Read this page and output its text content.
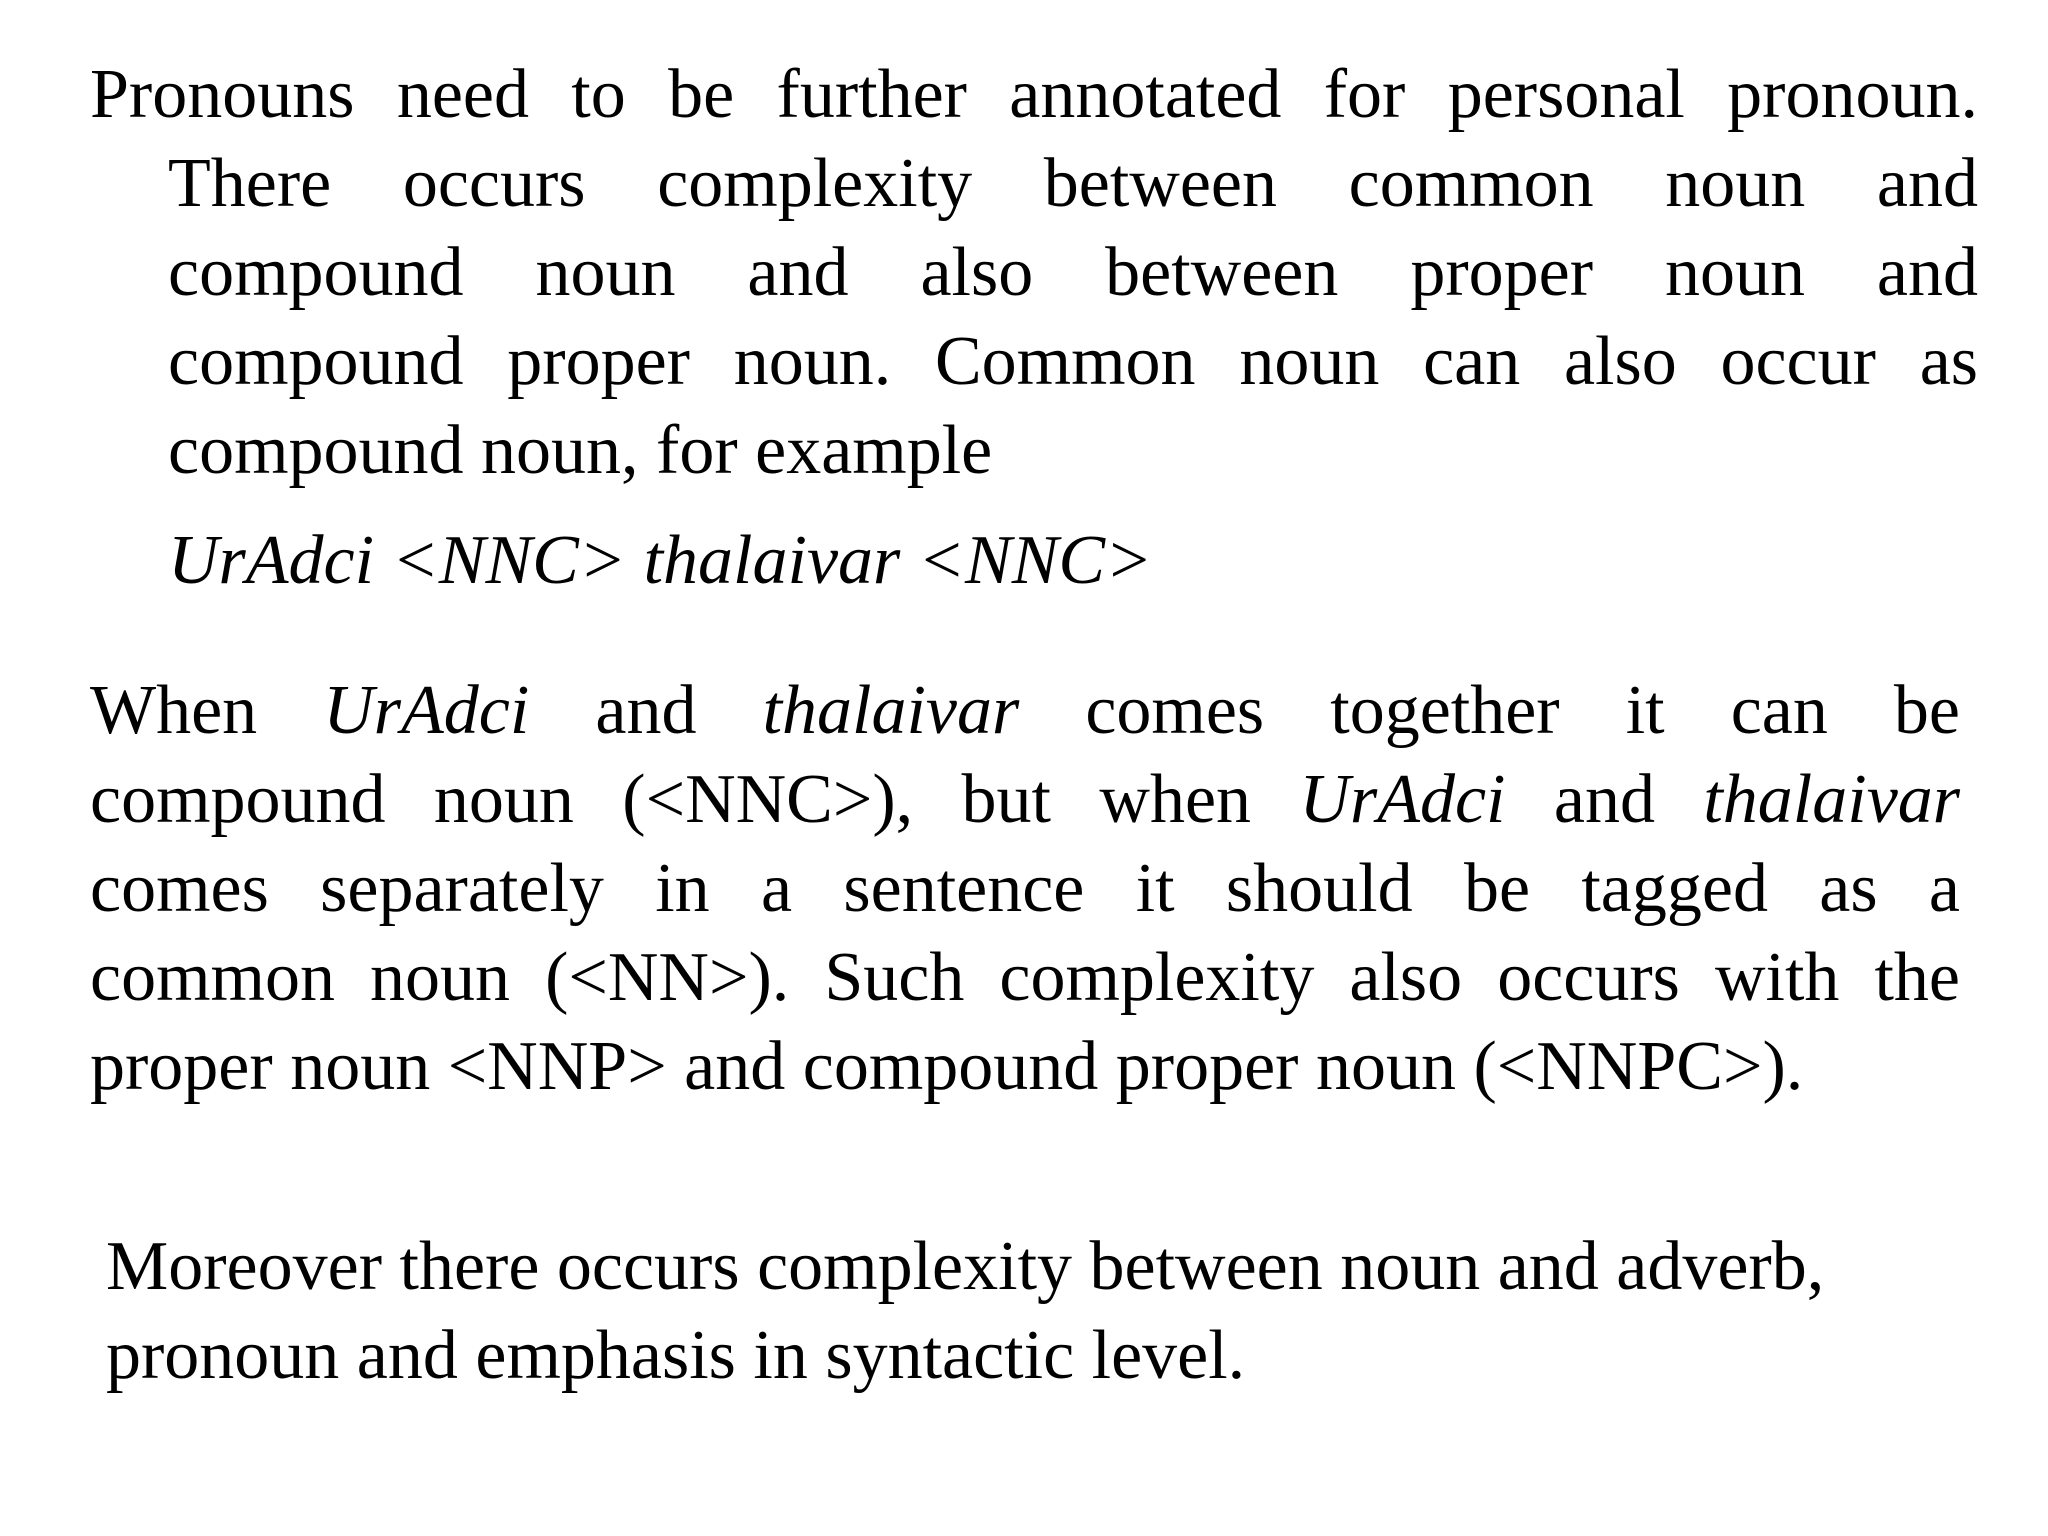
Pronouns need to be further annotated for personal pronoun.
There occurs complexity between common noun and
compound noun and also between proper noun and
compound proper noun. Common noun can also occur as
compound noun, for example
UrAdci <NNC> thalaivar <NNC>
When UrAdci and thalaivar comes together it can be
compound noun (<NNC>), but when UrAdci and thalaivar
comes separately in a sentence it should be tagged as a
common noun (<NN>). Such complexity also occurs with the
proper noun <NNP> and compound proper noun (<NNPC>).
Moreover there occurs complexity between noun and adverb,
pronoun and emphasis in syntactic level.
